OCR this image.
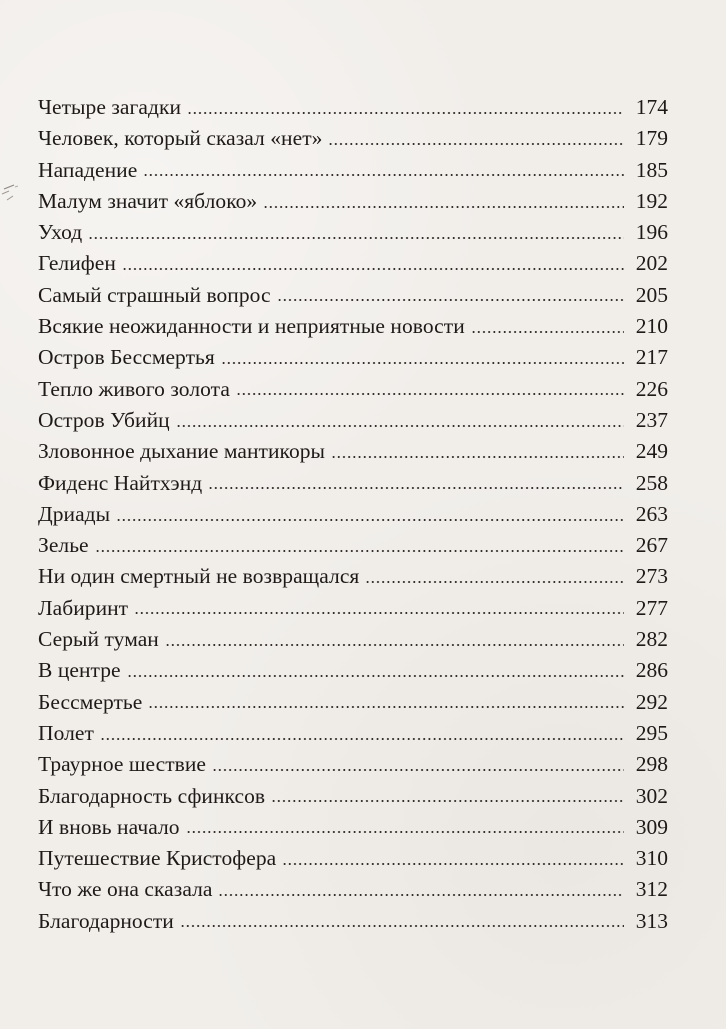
Четыре загадки	174
Человек, который сказал «нет»	179
Нападение	185
Малум значит «яблоко»	192
Уход	196
Гелифен	202
Самый страшный вопрос	205
Всякие неожиданности и неприятные новости	210
Остров Бессмертья	217
Тепло живого золота	226
Остров Убийц	237
Зловонное дыхание мантикоры	249
Фиденс Найтхэнд	258
Дриады	263
Зелье	267
Ни один смертный не возвращался	273
Лабиринт	277
Серый туман	282
В центре	286
Бессмертье	292
Полет	295
Траурное шествие	298
Благодарность сфинксов	302
И вновь начало	309
Путешествие Кристофера	310
Что же она сказала	312
Благодарности	313
